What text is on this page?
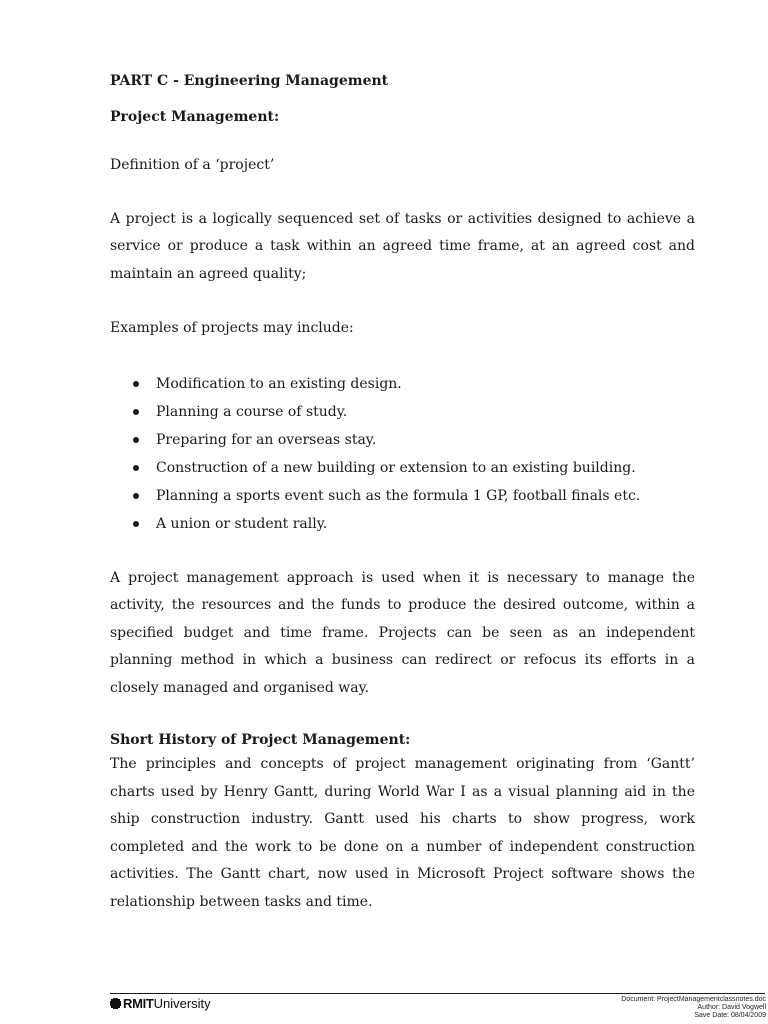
PART C - Engineering Management

Project Management:

Definition of a ‘project’

A project is a logically sequenced set of tasks or activities designed to achieve a service or produce a task within an agreed time frame, at an agreed cost and maintain an agreed quality;

Examples of projects may include:

Modification to an existing design.
Planning a course of study.
Preparing for an overseas stay.
Construction of a new building or extension to an existing building.
Planning a sports event such as the formula 1 GP, football finals etc.
A union or student rally.

A project management approach is used when it is necessary to manage the activity, the resources and the funds to produce the desired outcome, within a specified budget and time frame. Projects can be seen as an independent planning method in which a business can redirect or refocus its efforts in a closely managed and organised way.

Short History of Project Management:

The principles and concepts of project management originating from ‘Gantt’ charts used by Henry Gantt, during World War I as a visual planning aid in the ship construction industry. Gantt used his charts to show progress, work completed and the work to be done on a number of independent construction activities. The Gantt chart, now used in Microsoft Project software shows the relationship between tasks and time.

RMIT University	Document: ProjectManagementclassnotes.doc
Author: David Vogwell
Save Date: 08/04/2009
